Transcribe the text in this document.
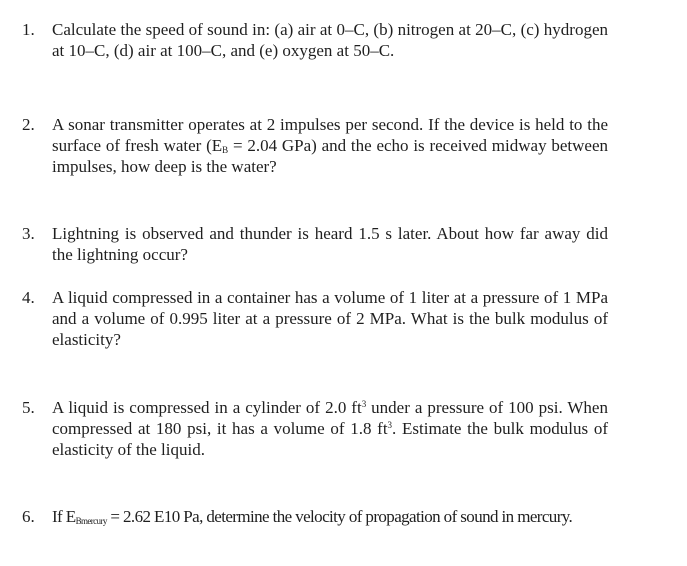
1. Calculate the speed of sound in: (a) air at 0–C, (b) nitrogen at 20–C, (c) hydrogen at 10–C, (d) air at 100–C, and (e) oxygen at 50–C.
2. A sonar transmitter operates at 2 impulses per second. If the device is held to the surface of fresh water (EB = 2.04 GPa) and the echo is received midway between impulses, how deep is the water?
3. Lightning is observed and thunder is heard 1.5 s later. About how far away did the lightning occur?
4. A liquid compressed in a container has a volume of 1 liter at a pressure of 1 MPa and a volume of 0.995 liter at a pressure of 2 MPa. What is the bulk modulus of elasticity?
5. A liquid is compressed in a cylinder of 2.0 $ft^3$ under a pressure of 100 psi. When compressed at 180 psi, it has a volume of 1.8 $ft^3$. Estimate the bulk modulus of elasticity of the liquid.
6. If EBmercury = 2.62 E10 Pa, determine the velocity of propagation of sound in mercury.
